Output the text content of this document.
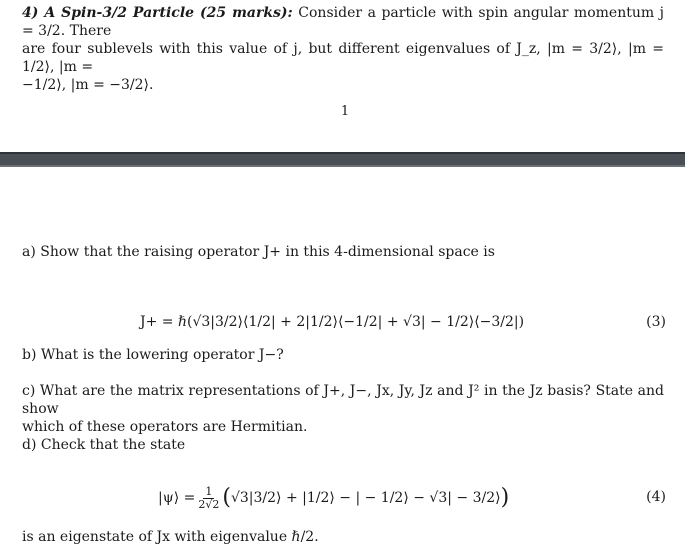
4) A Spin-3/2 Particle (25 marks): Consider a particle with spin angular momentum j = 3/2. There
are four sublevels with this value of j, but different eigenvalues of J_z, |m = 3/2⟩, |m = 1/2⟩, |m =
−1/2⟩, |m = −3/2⟩.
1
a) Show that the raising operator J+ in this 4-dimensional space is
J+ = ℏ(√3|3/2⟩⟨1/2| + 2|1/2⟩⟨−1/2| + √3| − 1/2⟩⟨−3/2|)	(3)
b) What is the lowering operator J−?
c) What are the matrix representations of J+, J−, Jx, Jy, Jz and J² in the Jz basis? State and show
which of these operators are Hermitian.
d) Check that the state
|ψ⟩ = $\frac{1}{2√2}$ ( √3|3/2⟩ + |1/2⟩ − | − 1/2⟩ − √3| − 3/2⟩ )	(4)
is an eigenstate of Jx with eigenvalue ℏ/2.
